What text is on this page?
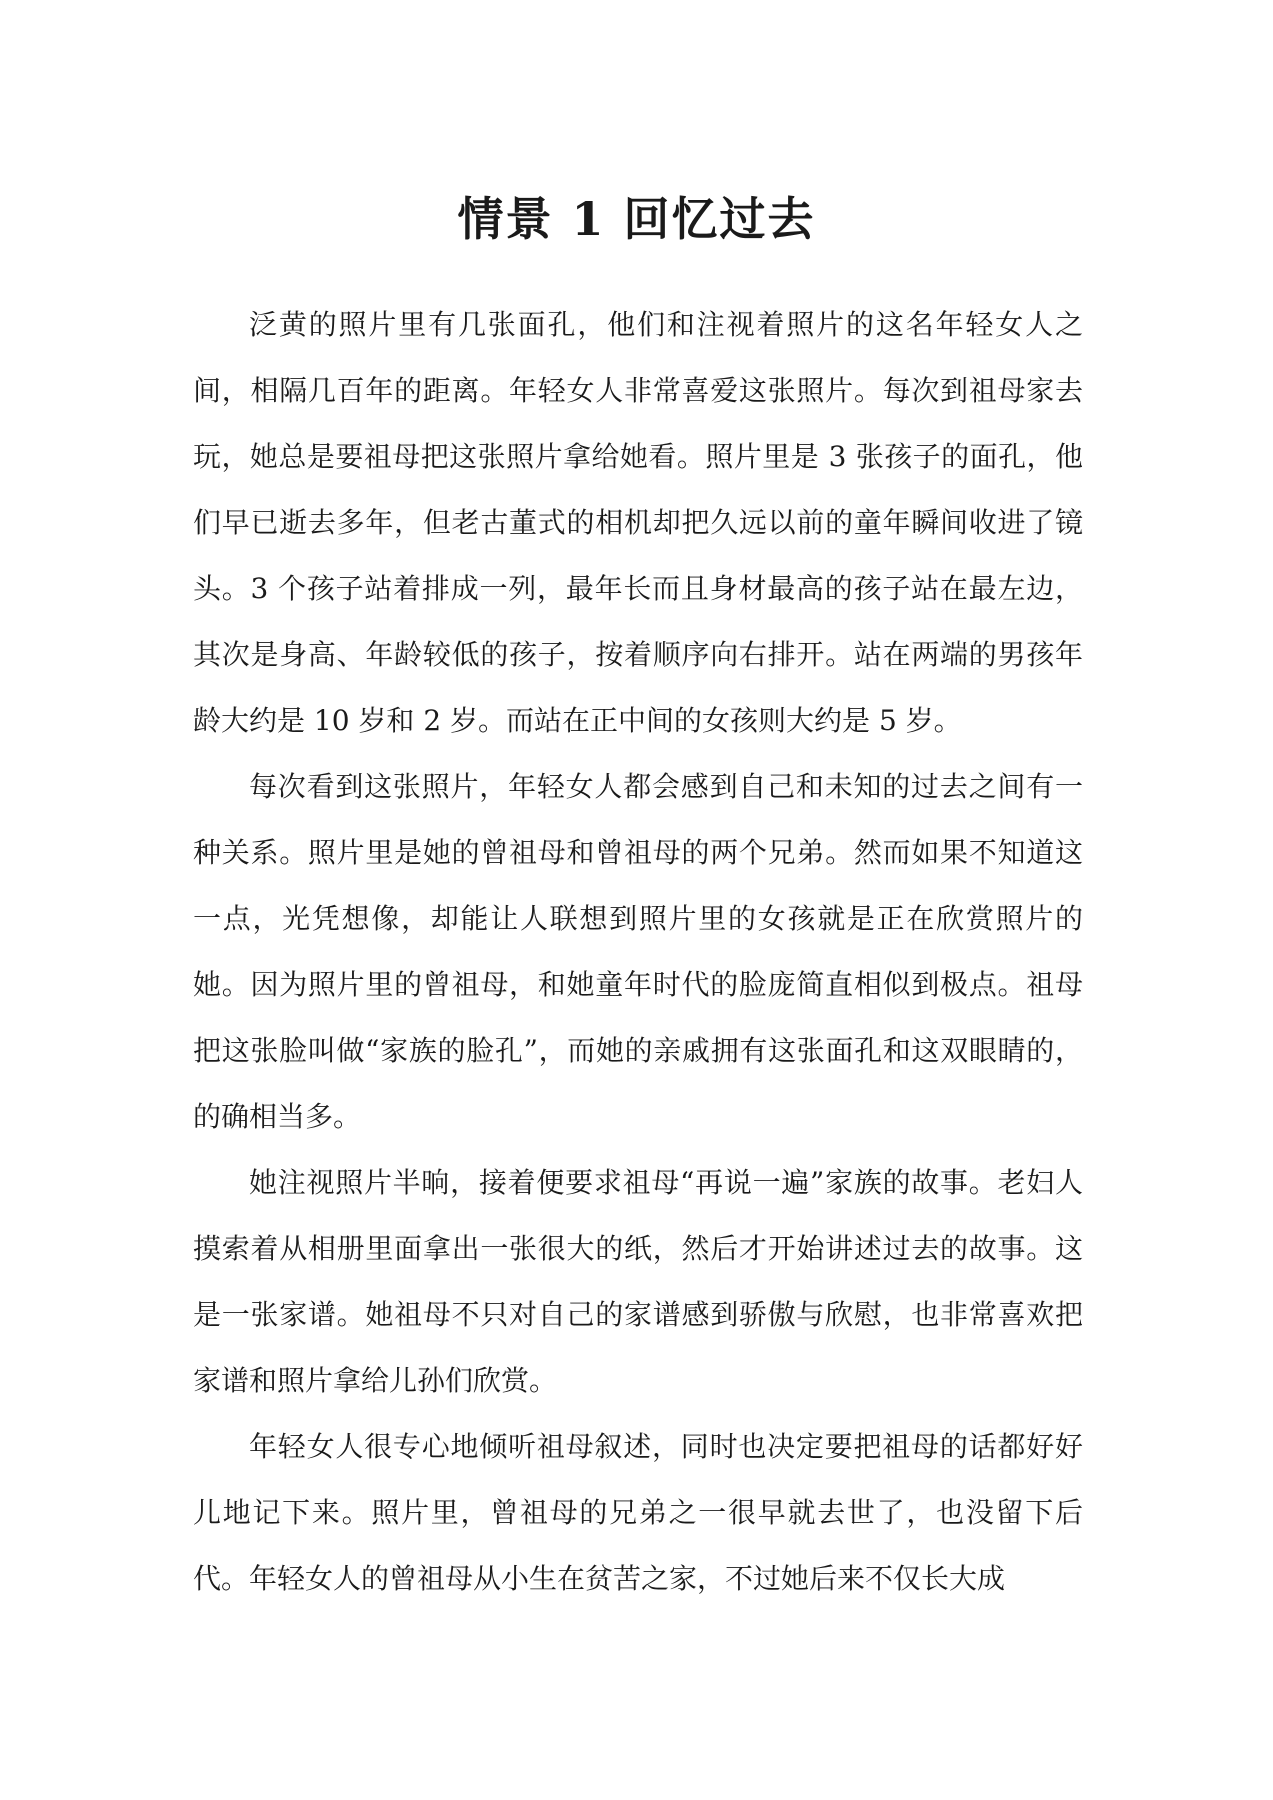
情景 1 回忆过去

泛黄的照片里有几张面孔，他们和注视着照片的这名年轻女人之间，相隔几百年的距离。年轻女人非常喜爱这张照片。每次到祖母家去玩，她总是要祖母把这张照片拿给她看。照片里是 3 张孩子的面孔，他们早已逝去多年，但老古董式的相机却把久远以前的童年瞬间收进了镜头。3 个孩子站着排成一列，最年长而且身材最高的孩子站在最左边，其次是身高、年龄较低的孩子，按着顺序向右排开。站在两端的男孩年龄大约是 10 岁和 2 岁。而站在正中间的女孩则大约是 5 岁。

每次看到这张照片，年轻女人都会感到自己和未知的过去之间有一种关系。照片里是她的曾祖母和曾祖母的两个兄弟。然而如果不知道这一点，光凭想像，却能让人联想到照片里的女孩就是正在欣赏照片的她。因为照片里的曾祖母，和她童年时代的脸庞简直相似到极点。祖母把这张脸叫做“家族的脸孔”，而她的亲戚拥有这张面孔和这双眼睛的，的确相当多。

她注视照片半晌，接着便要求祖母“再说一遍”家族的故事。老妇人摸索着从相册里面拿出一张很大的纸，然后才开始讲述过去的故事。这是一张家谱。她祖母不只对自己的家谱感到骄傲与欣慰，也非常喜欢把家谱和照片拿给儿孙们欣赏。

年轻女人很专心地倾听祖母叙述，同时也决定要把祖母的话都好好儿地记下来。照片里，曾祖母的兄弟之一很早就去世了，也没留下后代。年轻女人的曾祖母从小生在贫苦之家，不过她后来不仅长大成
